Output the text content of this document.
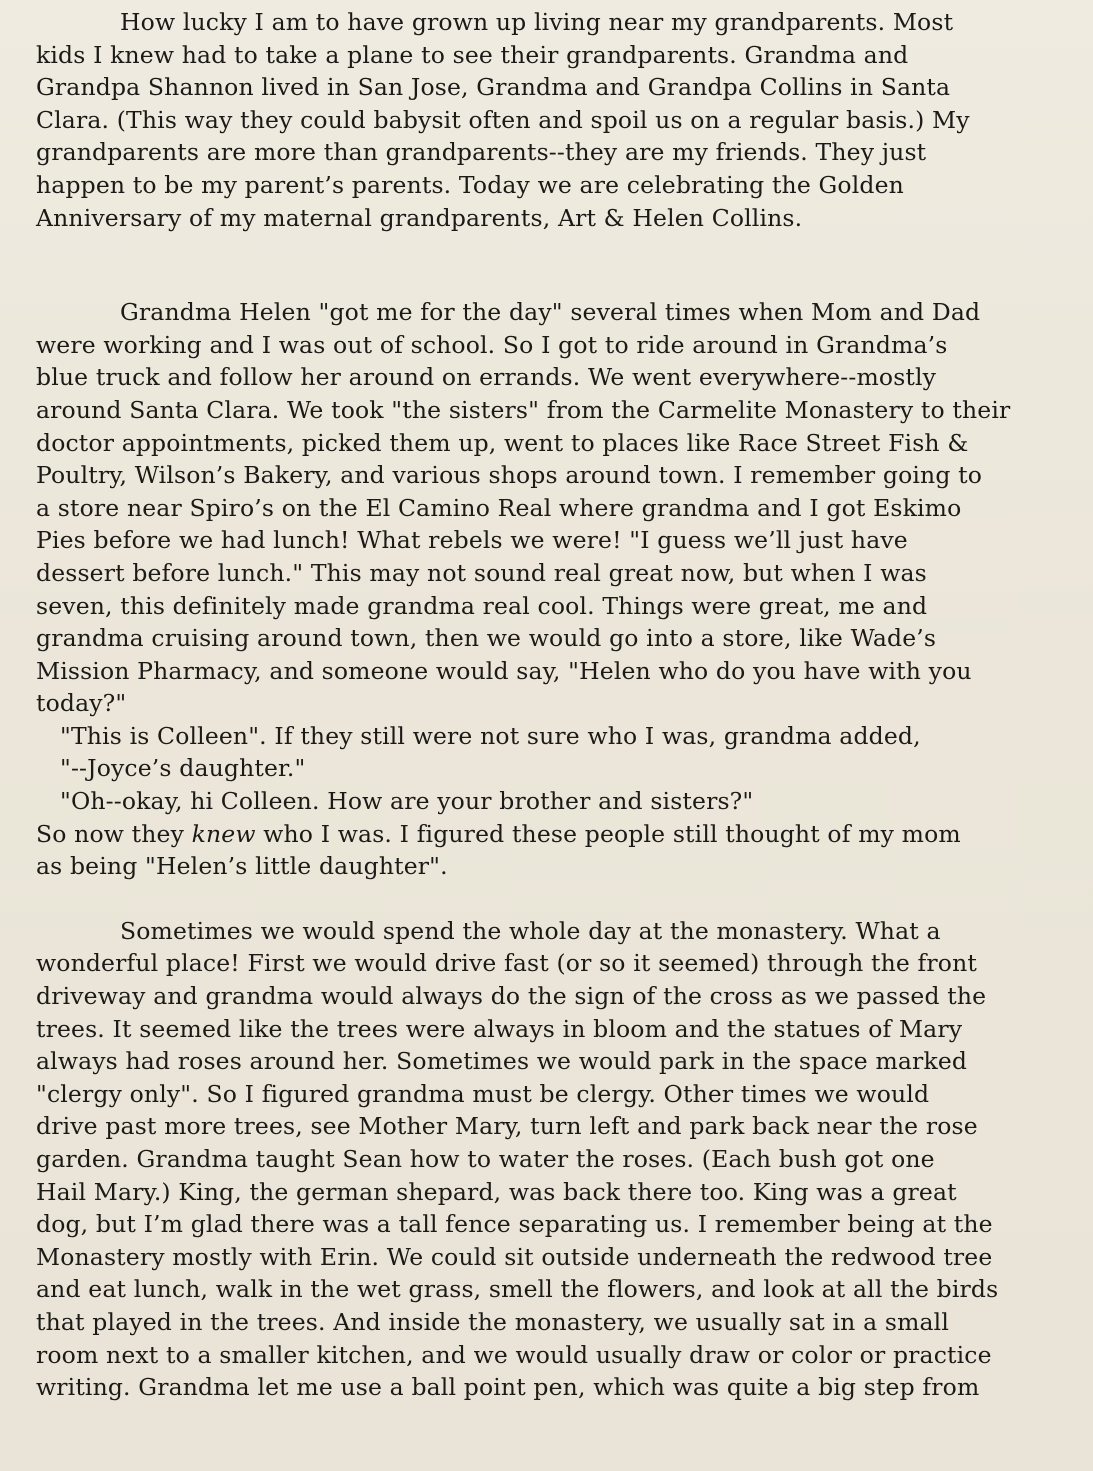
How lucky I am to have grown up living near my grandparents. Most
kids I knew had to take a plane to see their grandparents. Grandma and
Grandpa Shannon lived in San Jose, Grandma and Grandpa Collins in Santa
Clara. (This way they could babysit often and spoil us on a regular basis.) My
grandparents are more than grandparents--they are my friends. They just
happen to be my parent’s parents. Today we are celebrating the Golden
Anniversary of my maternal grandparents, Art & Helen Collins.
Grandma Helen "got me for the day" several times when Mom and Dad
were working and I was out of school. So I got to ride around in Grandma’s
blue truck and follow her around on errands. We went everywhere--mostly
around Santa Clara. We took "the sisters" from the Carmelite Monastery to their
doctor appointments, picked them up, went to places like Race Street Fish &
Poultry, Wilson’s Bakery, and various shops around town. I remember going to
a store near Spiro’s on the El Camino Real where grandma and I got Eskimo
Pies before we had lunch! What rebels we were! "I guess we’ll just have
dessert before lunch." This may not sound real great now, but when I was
seven, this definitely made grandma real cool. Things were great, me and
grandma cruising around town, then we would go into a store, like Wade’s
Mission Pharmacy, and someone would say, "Helen who do you have with you
today?"
"This is Colleen". If they still were not sure who I was, grandma added,
"--Joyce’s daughter."
"Oh--okay, hi Colleen. How are your brother and sisters?"
So now they knew who I was. I figured these people still thought of my mom
as being "Helen’s little daughter".
Sometimes we would spend the whole day at the monastery. What a
wonderful place! First we would drive fast (or so it seemed) through the front
driveway and grandma would always do the sign of the cross as we passed the
trees. It seemed like the trees were always in bloom and the statues of Mary
always had roses around her. Sometimes we would park in the space marked
"clergy only". So I figured grandma must be clergy. Other times we would
drive past more trees, see Mother Mary, turn left and park back near the rose
garden. Grandma taught Sean how to water the roses. (Each bush got one
Hail Mary.) King, the german shepard, was back there too. King was a great
dog, but I’m glad there was a tall fence separating us. I remember being at the
Monastery mostly with Erin. We could sit outside underneath the redwood tree
and eat lunch, walk in the wet grass, smell the flowers, and look at all the birds
that played in the trees. And inside the monastery, we usually sat in a small
room next to a smaller kitchen, and we would usually draw or color or practice
writing. Grandma let me use a ball point pen, which was quite a big step from
